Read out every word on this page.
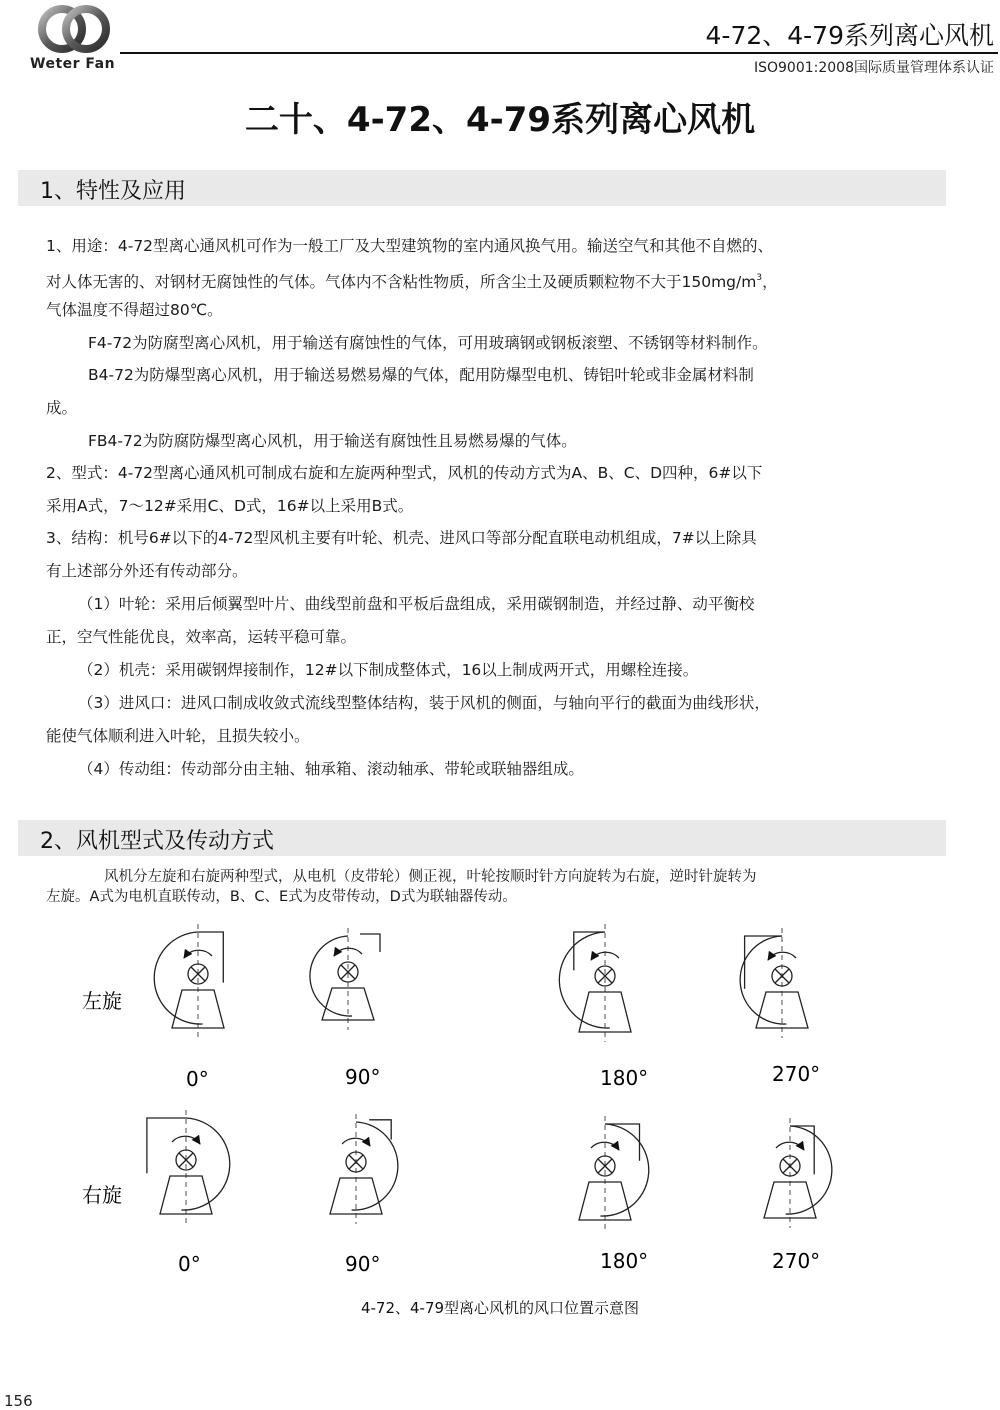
Weter Fan
4-72、4-79系列离心风机
ISO9001:2008国际质量管理体系认证
二十、4-72、4-79系列离心风机
1、特性及应用
1、用途：4-72型离心通风机可作为一般工厂及大型建筑物的室内通风换气用。输送空气和其他不自燃的、
对人体无害的、对钢材无腐蚀性的气体。气体内不含粘性物质，所含尘土及硬质颗粒物不大于$150mg/m^3$，
气体温度不得超过80℃。
F4-72为防腐型离心风机，用于输送有腐蚀性的气体，可用玻璃钢或钢板滚塑、不锈钢等材料制作。
B4-72为防爆型离心风机，用于输送易燃易爆的气体，配用防爆型电机、铸铝叶轮或非金属材料制
成。
FB4-72为防腐防爆型离心风机，用于输送有腐蚀性且易燃易爆的气体。
2、型式：4-72型离心通风机可制成右旋和左旋两种型式，风机的传动方式为A、B、C、D四种，6#以下
采用A式，7～12#采用C、D式，16#以上采用B式。
3、结构：机号6#以下的4-72型风机主要有叶轮、机壳、进风口等部分配直联电动机组成，7#以上除具
有上述部分外还有传动部分。
（1）叶轮：采用后倾翼型叶片、曲线型前盘和平板后盘组成，采用碳钢制造，并经过静、动平衡校
正，空气性能优良，效率高，运转平稳可靠。
（2）机壳：采用碳钢焊接制作，12#以下制成整体式，16以上制成两开式，用螺栓连接。
（3）进风口：进风口制成收敛式流线型整体结构，装于风机的侧面，与轴向平行的截面为曲线形状，
能使气体顺利进入叶轮，且损失较小。
（4）传动组：传动部分由主轴、轴承箱、滚动轴承、带轮或联轴器组成。
2、风机型式及传动方式
风机分左旋和右旋两种型式，从电机（皮带轮）侧正视，叶轮按顺时针方向旋转为右旋，逆时针旋转为
左旋。A式为电机直联传动，B、C、E式为皮带传动，D式为联轴器传动。
左旋
右旋
0°	90°	180°	270°
0°	90°	180°	270°
4-72、4-79型离心风机的风口位置示意图
156
